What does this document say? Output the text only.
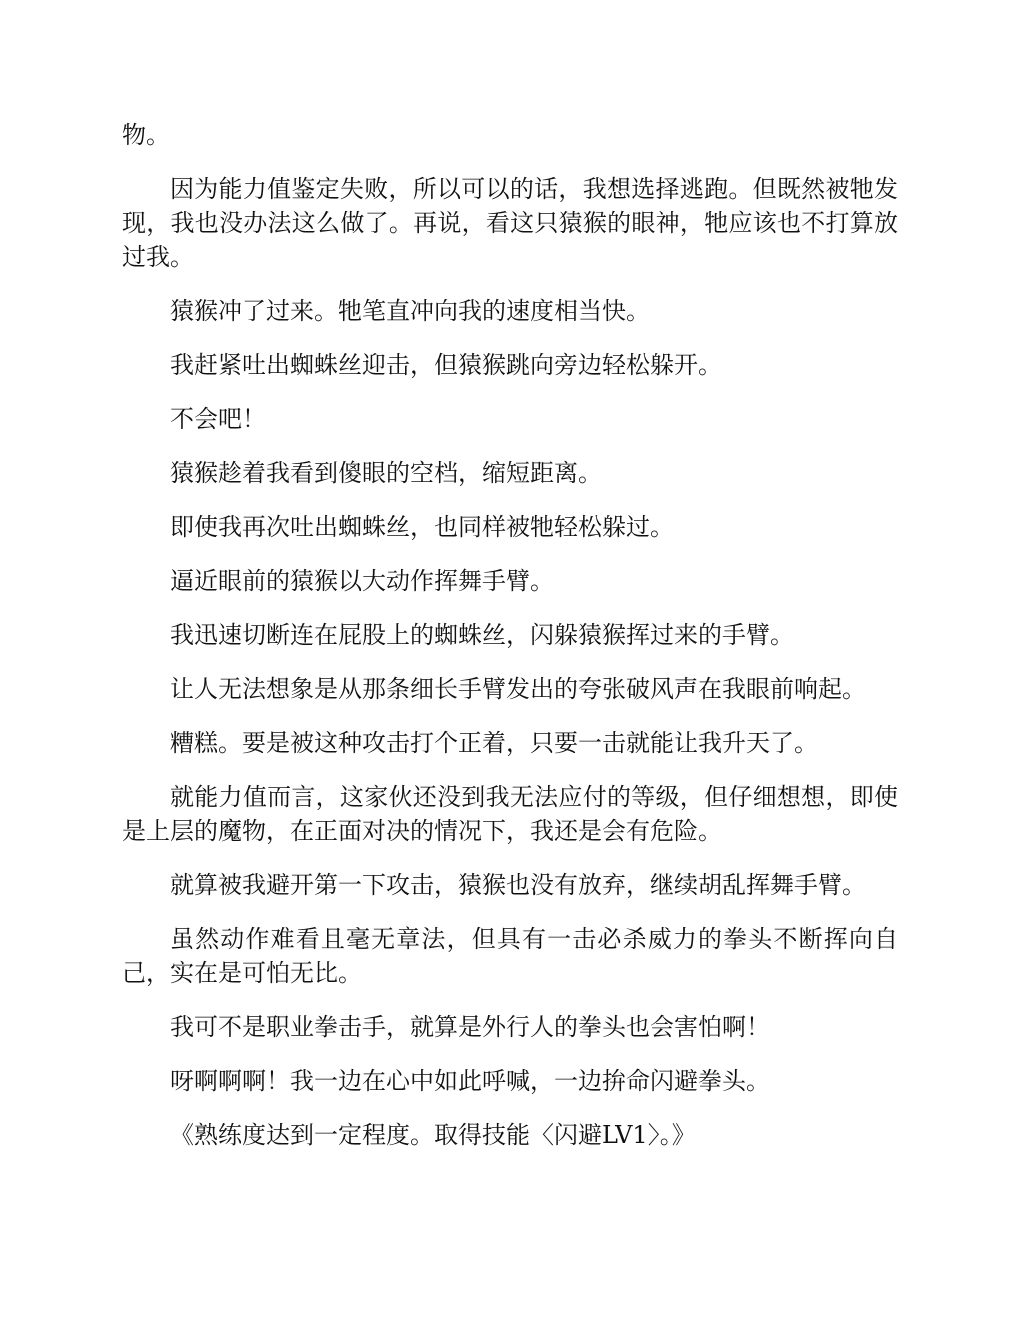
物。

因为能力值鉴定失败，所以可以的话，我想选择逃跑。但既然被牠发现，我也没办法这么做了。再说，看这只猿猴的眼神，牠应该也不打算放过我。

猿猴冲了过来。牠笔直冲向我的速度相当快。

我赶紧吐出蜘蛛丝迎击，但猿猴跳向旁边轻松躲开。

不会吧！

猿猴趁着我看到傻眼的空档，缩短距离。

即使我再次吐出蜘蛛丝，也同样被牠轻松躲过。

逼近眼前的猿猴以大动作挥舞手臂。

我迅速切断连在屁股上的蜘蛛丝，闪躲猿猴挥过来的手臂。

让人无法想象是从那条细长手臂发出的夸张破风声在我眼前响起。

糟糕。要是被这种攻击打个正着，只要一击就能让我升天了。

就能力值而言，这家伙还没到我无法应付的等级，但仔细想想，即使是上层的魔物，在正面对决的情况下，我还是会有危险。

就算被我避开第一下攻击，猿猴也没有放弃，继续胡乱挥舞手臂。

虽然动作难看且毫无章法，但具有一击必杀威力的拳头不断挥向自己，实在是可怕无比。

我可不是职业拳击手，就算是外行人的拳头也会害怕啊！

呀啊啊啊！我一边在心中如此呼喊，一边拚命闪避拳头。

《熟练度达到一定程度。取得技能〈闪避LV1〉。》
